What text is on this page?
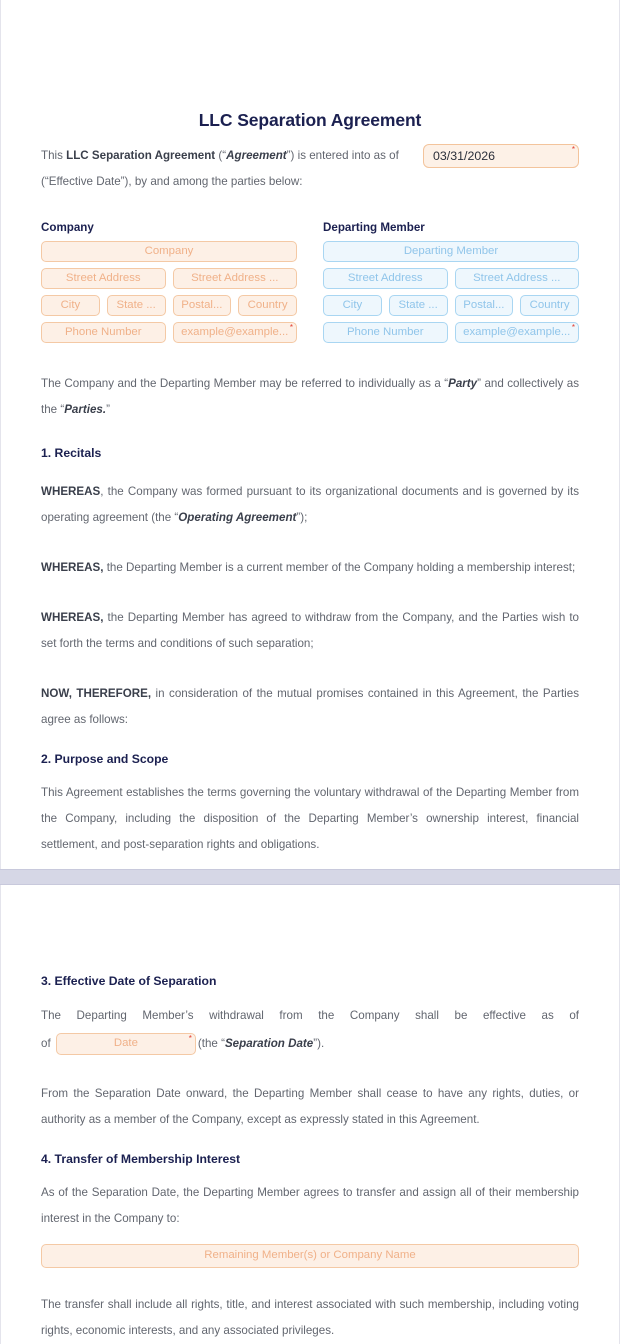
LLC Separation Agreement
This LLC Separation Agreement (“Agreement”) is entered into as of	03/31/2026	*
(“Effective Date”), by and among the parties below:
Company
Company
Street Address	Street Address ...
City	State ...	Postal...	Country
Phone Number	example@example... *
Departing Member
Departing Member
Street Address	Street Address ...
City	State ...	Postal...	Country
Phone Number	example@example... *
The Company and the Departing Member may be referred to individually as a “Party” and collectively as the “Parties.”
1. Recitals
WHEREAS, the Company was formed pursuant to its organizational documents and is governed by its operating agreement (the “Operating Agreement”);
WHEREAS, the Departing Member is a current member of the Company holding a membership interest;
WHEREAS, the Departing Member has agreed to withdraw from the Company, and the Parties wish to set forth the terms and conditions of such separation;
NOW, THEREFORE, in consideration of the mutual promises contained in this Agreement, the Parties agree as follows:
2. Purpose and Scope
This Agreement establishes the terms governing the voluntary withdrawal of the Departing Member from the Company, including the disposition of the Departing Member’s ownership interest, financial settlement, and post-separation rights and obligations.
3. Effective Date of Separation
The Departing Member’s withdrawal from the Company shall be effective as of
of	Date	* (the “Separation Date”).
From the Separation Date onward, the Departing Member shall cease to have any rights, duties, or authority as a member of the Company, except as expressly stated in this Agreement.
4. Transfer of Membership Interest
As of the Separation Date, the Departing Member agrees to transfer and assign all of their membership interest in the Company to:
Remaining Member(s) or Company Name
The transfer shall include all rights, title, and interest associated with such membership, including voting rights, economic interests, and any associated privileges.
